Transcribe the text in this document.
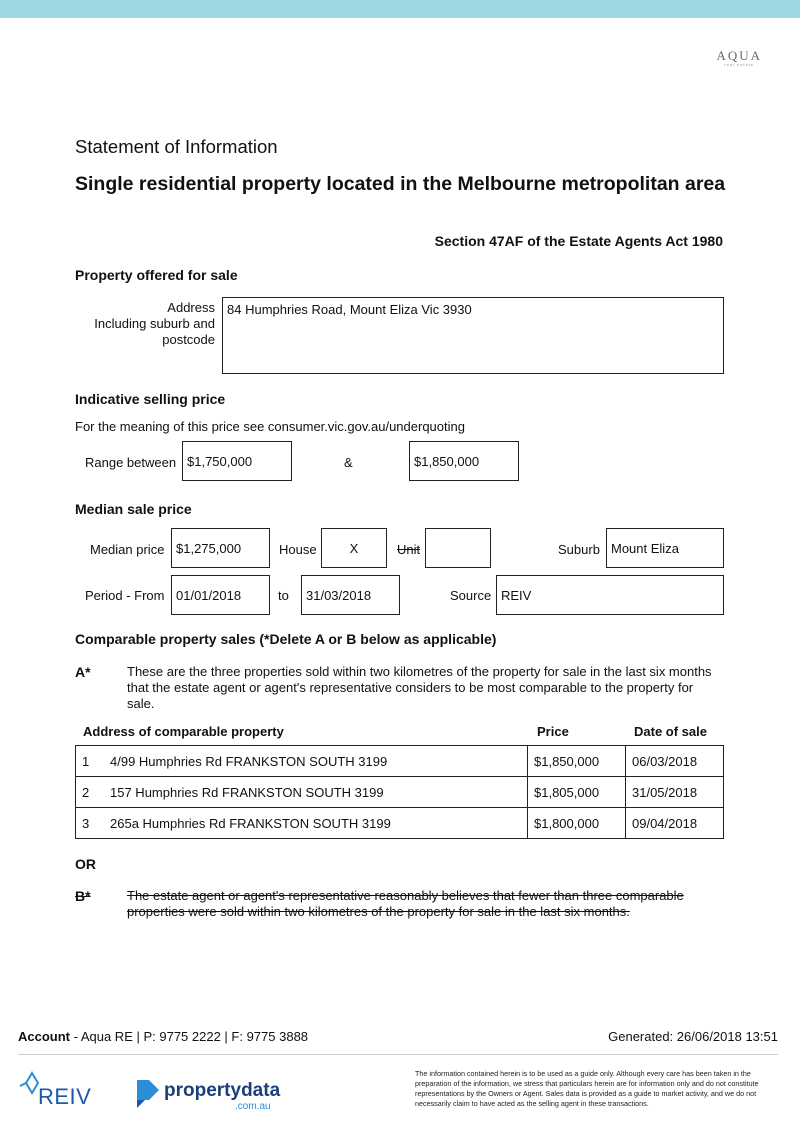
AQUA
real estate
Statement of Information
Single residential property located in the Melbourne metropolitan area
Section 47AF of the Estate Agents Act 1980
Property offered for sale
Address
Including suburb and
postcode
84 Humphries Road, Mount Eliza Vic 3930
Indicative selling price
For the meaning of this price see consumer.vic.gov.au/underquoting
Range between $1,750,000	&	$1,850,000
Median sale price
Median price $1,275,000	House	X	Unit	Suburb Mount Eliza
Period - From 01/01/2018	to	31/03/2018	Source REIV
Comparable property sales (*Delete A or B below as applicable)
A*	These are the three properties sold within two kilometres of the property for sale in the last six months that the estate agent or agent's representative considers to be most comparable to the property for sale.
Address of comparable property	Price	Date of sale
1 4/99 Humphries Rd FRANKSTON SOUTH 3199	$1,850,000	06/03/2018
2 157 Humphries Rd FRANKSTON SOUTH 3199	$1,805,000	31/05/2018
3 265a Humphries Rd FRANKSTON SOUTH 3199	$1,800,000	09/04/2018
OR
B*	The estate agent or agent's representative reasonably believes that fewer than three comparable properties were sold within two kilometres of the property for sale in the last six months.
Account - Aqua RE | P: 9775 2222 | F: 9775 3888	Generated: 26/06/2018 13:51
REIV	propertydata
.com.au
The information contained herein is to be used as a guide only. Although every care has been taken in the preparation of the information, we stress that particulars herein are for information only and do not constitute representations by the Owners or Agent. Sales data is provided as a guide to market activity, and we do not necessarily claim to have acted as the selling agent in these transactions.
